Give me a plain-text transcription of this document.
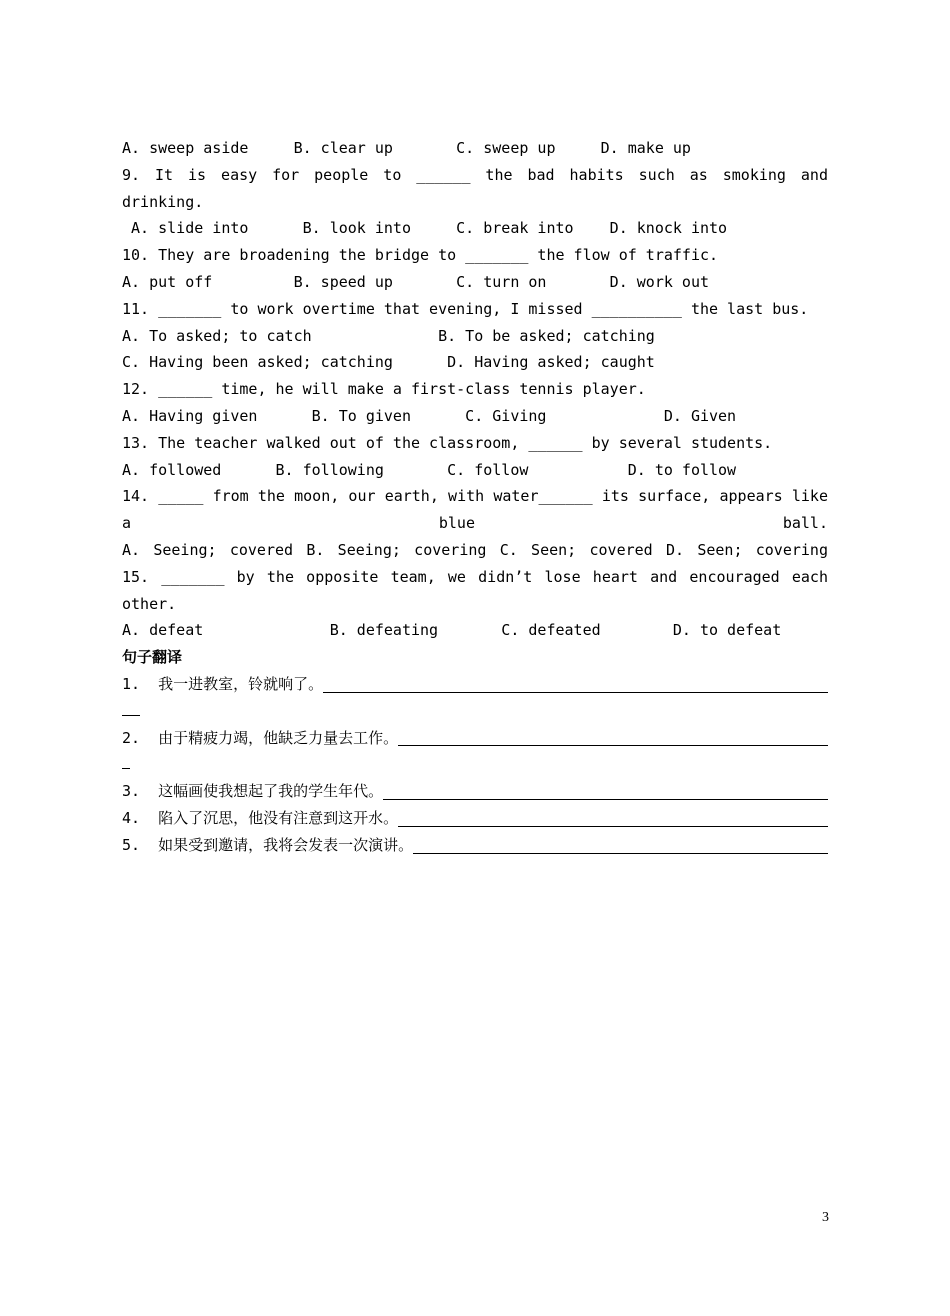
A. sweep aside     B. clear up       C. sweep up     D. make up
9. It is easy for people to ______ the bad habits such as smoking and drinking.
A. slide into      B. look into     C. break into    D. knock into
10. They are broadening the bridge to _______ the flow of traffic.
A. put off         B. speed up       C. turn on       D. work out
11. _______ to work overtime that evening, I missed __________ the last bus.
A. To asked; to catch              B. To be asked; catching
C. Having been asked; catching      D. Having asked; caught
12. ______ time, he will make a first-class tennis player.
A. Having given      B. To given      C. Giving             D. Given
13. The teacher walked out of the classroom, ______ by several students.
A. followed      B. following       C. follow           D. to follow
14. _____ from the moon, our earth, with water______ its surface, appears like a blue ball.
A. Seeing; covered B. Seeing; covering C. Seen; covered D. Seen; covering
15. _______ by the opposite team, we didn’t lose heart and encouraged each other.
A. defeat              B. defeating       C. defeated        D. to defeat
句子翻译
1. 我一进教室，铃就响了。
2. 由于精疲力竭，他缺乏力量去工作。
3. 这幅画使我想起了我的学生年代。
4. 陷入了沉思，他没有注意到这开水。
5. 如果受到邀请，我将会发表一次演讲。
3
